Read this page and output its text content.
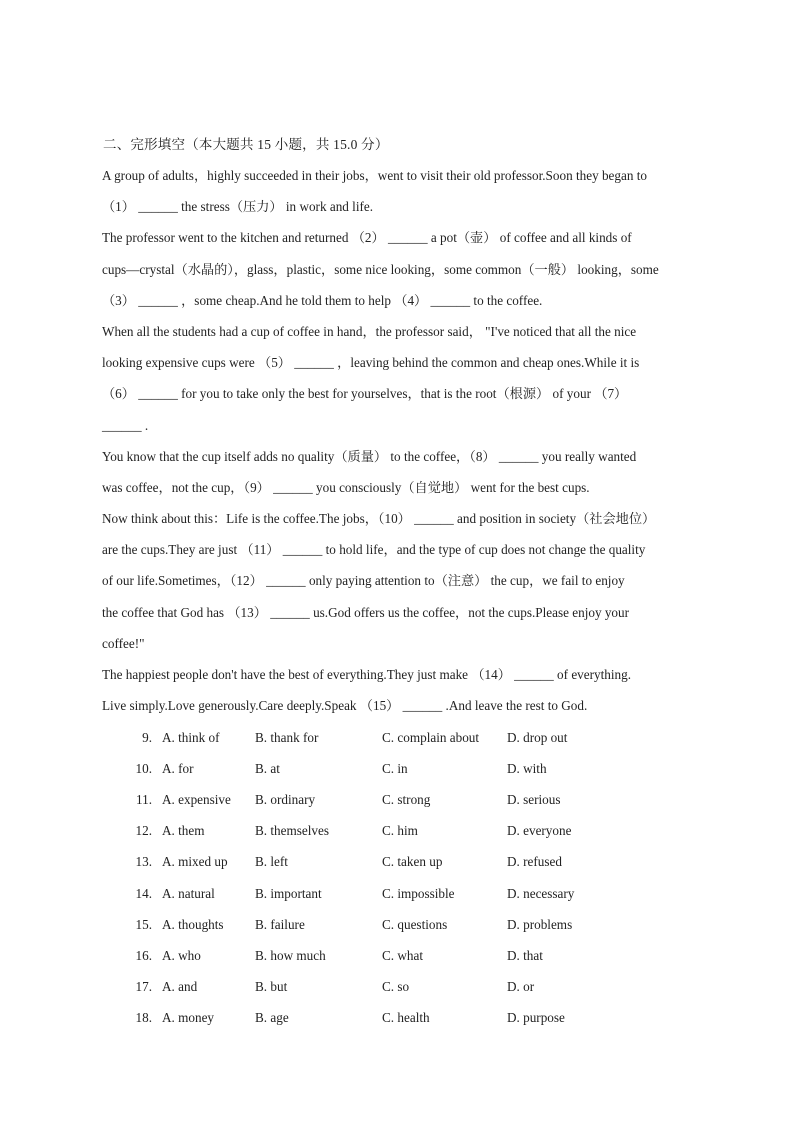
二、完形填空（本大题共 15 小题，共 15.0 分）
A group of adults，highly succeeded in their jobs，went to visit their old professor.Soon they began to
（1） ______ the stress（压力） in work and life.
The professor went to the kitchen and returned （2） ______ a pot（壶） of coffee and all kinds of
cups—crystal（水晶的），glass，plastic，some nice looking，some common（一般） looking，some
（3） ______ ，some cheap.And he told them to help （4） ______ to the coffee.
When all the students had a cup of coffee in hand，the professor said， "I've noticed that all the nice
looking expensive cups were （5） ______ ，leaving behind the common and cheap ones.While it is
（6） ______ for you to take only the best for yourselves，that is the root（根源） of your （7）
______ .
You know that the cup itself adds no quality（质量） to the coffee，（8） ______ you really wanted
was coffee，not the cup，（9） ______ you consciously（自觉地） went for the best cups.
Now think about this：Life is the coffee.The jobs，（10） ______ and position in society（社会地位）
are the cups.They are just （11） ______ to hold life，and the type of cup does not change the quality
of our life.Sometimes，（12） ______ only paying attention to（注意） the cup，we fail to enjoy
the coffee that God has （13） ______ us.God offers us the coffee，not the cups.Please enjoy your
coffee!"
The happiest people don't have the best of everything.They just make （14） ______ of everything.
Live simply.Love generously.Care deeply.Speak （15） ______ .And leave the rest to God.
9. A. think of	B. thank for	C. complain about D. drop out
10. A. for	B. at	C. in	D. with
11. A. expensive B. ordinary	C. strong	D. serious
12. A. them	B. themselves	C. him	D. everyone
13. A. mixed up B. left	C. taken up	D. refused
14. A. natural	B. important	C. impossible	D. necessary
15. A. thoughts B. failure	C. questions	D. problems
16. A. who	B. how much	C. what	D. that
17. A. and	B. but	C. so	D. or
18. A. money	B. age	C. health	D. purpose
